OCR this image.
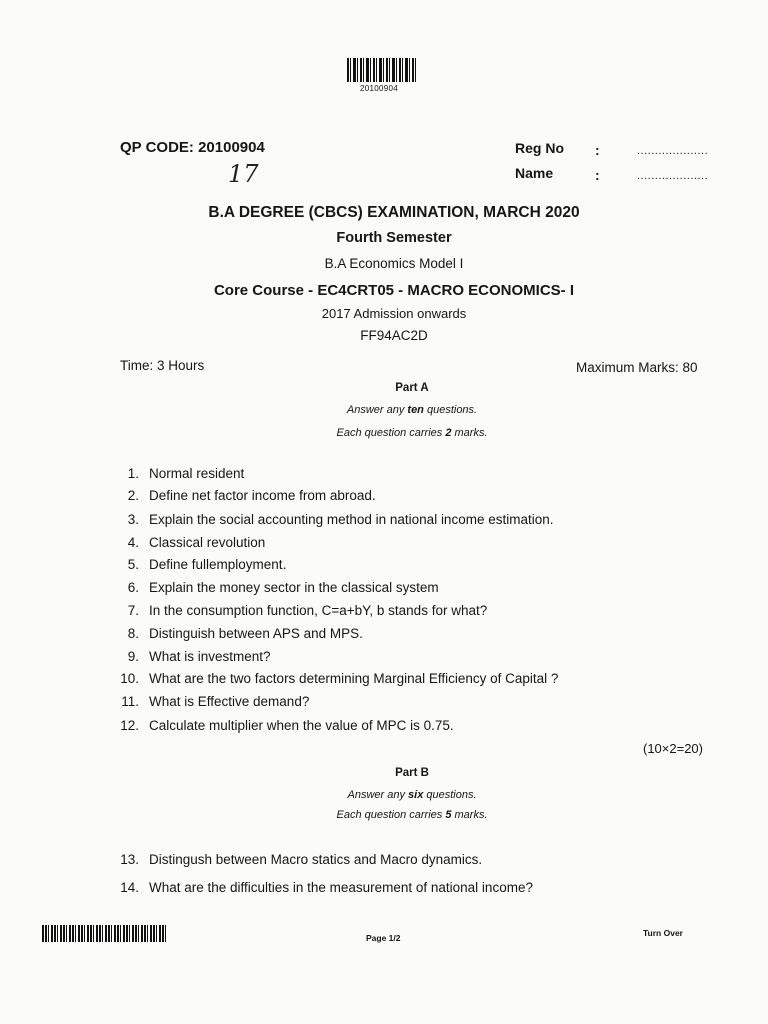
20100904
QP CODE: 20100904
17
Reg No :	....................
Name	:	....................
B.A DEGREE (CBCS) EXAMINATION, MARCH 2020
Fourth Semester
B.A Economics Model I
Core Course - EC4CRT05 - MACRO ECONOMICS- I
2017 Admission onwards
FF94AC2D
Time: 3 Hours	Maximum Marks: 80
Part A
Answer any ten questions.
Each question carries 2 marks.
1. Normal resident
2. Define net factor income from abroad.
3. Explain the social accounting method in national income estimation.
4. Classical revolution
5. Define fullemployment.
6. Explain the money sector in the classical system
7. In the consumption function, C=a+bY, b stands for what?
8. Distinguish between APS and MPS.
9. What is investment?
10. What are the two factors determining Marginal Efficiency of Capital ?
11. What is Effective demand?
12. Calculate multiplier when the value of MPC is 0.75.
(10×2=20)
Part B
Answer any six questions.
Each question carries 5 marks.
13. Distingush between Macro statics and Macro dynamics.
14. What are the difficulties in the measurement of national income?
Page 1/2	Turn Over
